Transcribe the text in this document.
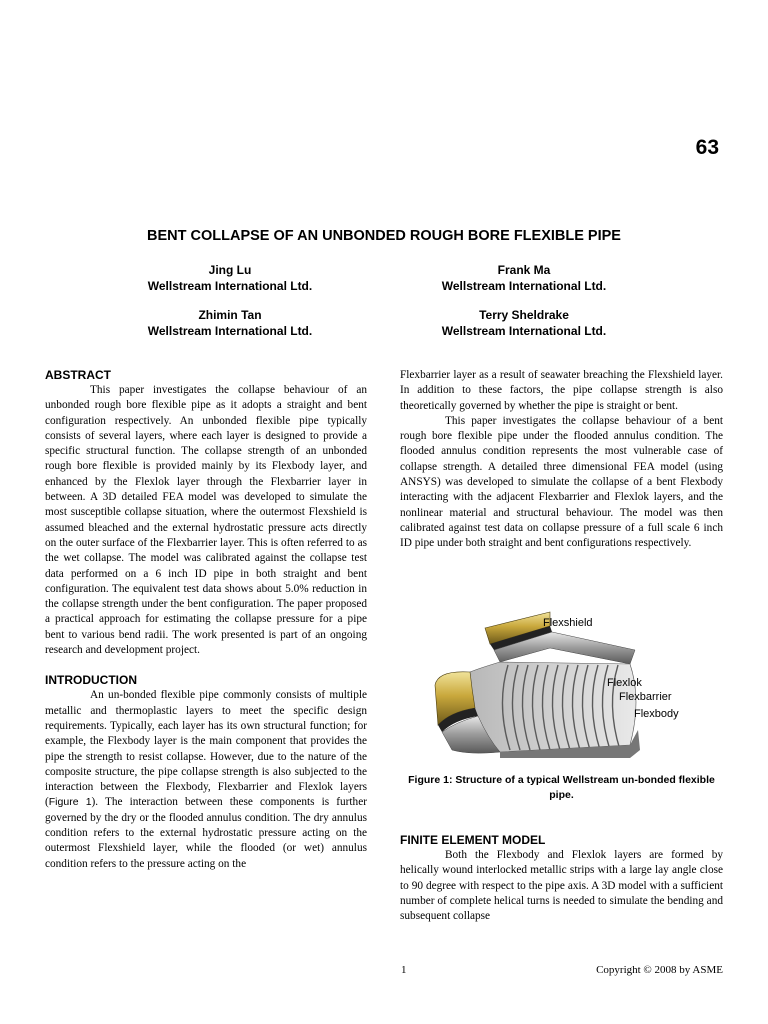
63
BENT COLLAPSE OF AN UNBONDED ROUGH BORE FLEXIBLE PIPE
Jing Lu
Wellstream International Ltd.
Frank Ma
Wellstream International Ltd.
Zhimin Tan
Wellstream International Ltd.
Terry Sheldrake
Wellstream International Ltd.
ABSTRACT

This paper investigates the collapse behaviour of an unbonded rough bore flexible pipe as it adopts a straight and bent configuration respectively. An unbonded flexible pipe typically consists of several layers, where each layer is designed to provide a specific structural function. The collapse strength of an unbonded rough bore flexible is provided mainly by its Flexbody layer, and enhanced by the Flexlok layer through the Flexbarrier layer in between. A 3D detailed FEA model was developed to simulate the most susceptible collapse situation, where the outermost Flexshield is assumed bleached and the external hydrostatic pressure acts directly on the outer surface of the Flexbarrier layer. This is often referred to as the wet collapse. The model was calibrated against the collapse test data performed on a 6 inch ID pipe in both straight and bent configuration. The equivalent test data shows about 5.0% reduction in the collapse strength under the bent configuration. The paper proposed a practical approach for estimating the collapse pressure for a pipe bent to various bend radii. The work presented is part of an ongoing research and development project.

INTRODUCTION

An un-bonded flexible pipe commonly consists of multiple metallic and thermoplastic layers to meet the specific design requirements. Typically, each layer has its own structural function; for example, the Flexbody layer is the main component that provides the pipe the strength to resist collapse. However, due to the nature of the composite structure, the pipe collapse strength is also subjected to the interaction between the Flexbody, Flexbarrier and Flexlok layers (Figure 1). The interaction between these components is further governed by the dry or the flooded annulus condition. The dry annulus condition refers to the external hydrostatic pressure acting on the outermost Flexshield layer, while the flooded (or wet) annulus condition refers to the pressure acting on the

Flexbarrier layer as a result of seawater breaching the Flexshield layer. In addition to these factors, the pipe collapse strength is also theoretically governed by whether the pipe is straight or bent.

This paper investigates the collapse behaviour of a bent rough bore flexible pipe under the flooded annulus condition. The flooded annulus condition represents the most vulnerable case of collapse strength. A detailed three dimensional FEA model (using ANSYS) was developed to simulate the collapse of a bent Flexbody interacting with the adjacent Flexbarrier and Flexlok layers, and the nonlinear material and structural behaviour. The model was then calibrated against test data on collapse pressure of a full scale 6 inch ID pipe under both straight and bent configurations respectively.

Flexshield
Flexlok
Flexbarrier
Flexbody
Figure 1: Structure of a typical Wellstream un-bonded flexible pipe.
FINITE ELEMENT MODEL

Both the Flexbody and Flexlok layers are formed by helically wound interlocked metallic strips with a large lay angle close to 90 degree with respect to the pipe axis. A 3D model with a sufficient number of complete helical turns is needed to simulate the bending and subsequent collapse

1	Copyright © 2008 by ASME
